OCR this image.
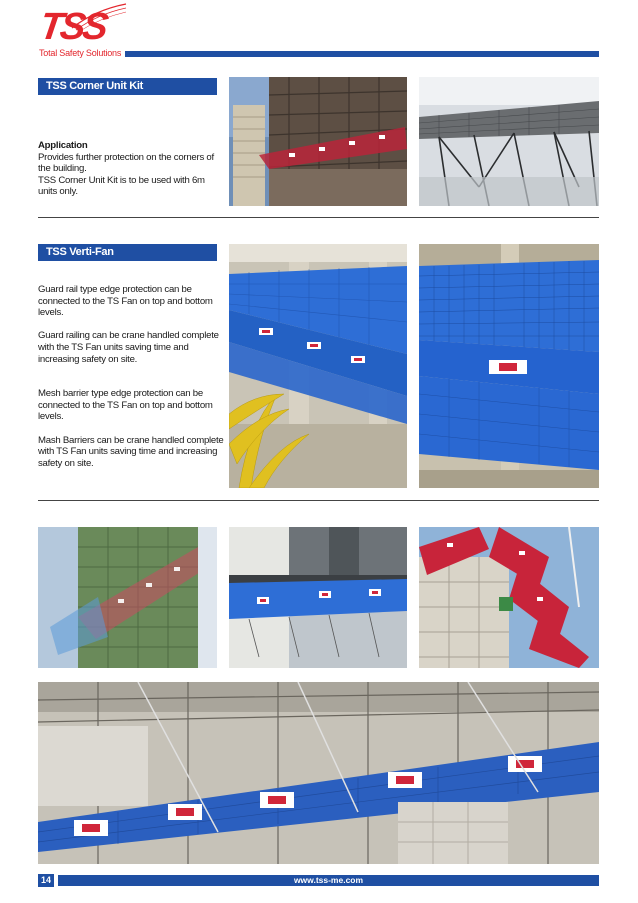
TSS
Total Safety Solutions
TSS Corner Unit Kit
Application
Provides further protection on the corners of the building.
TSS Corner Unit Kit is to be used with 6m units only.
TSS Verti-Fan

Guard rail type edge protection can be connected to the TS Fan on top and bottom levels.

Guard railing can be crane handled complete with the TS Fan units saving time and increasing safety on site.

Mesh barrier type edge protection can be connected to the TS Fan on top and bottom levels.

Mash Barriers can be crane handled complete with TS Fan units saving time and increasing safety on site.

14	www.tss-me.com
